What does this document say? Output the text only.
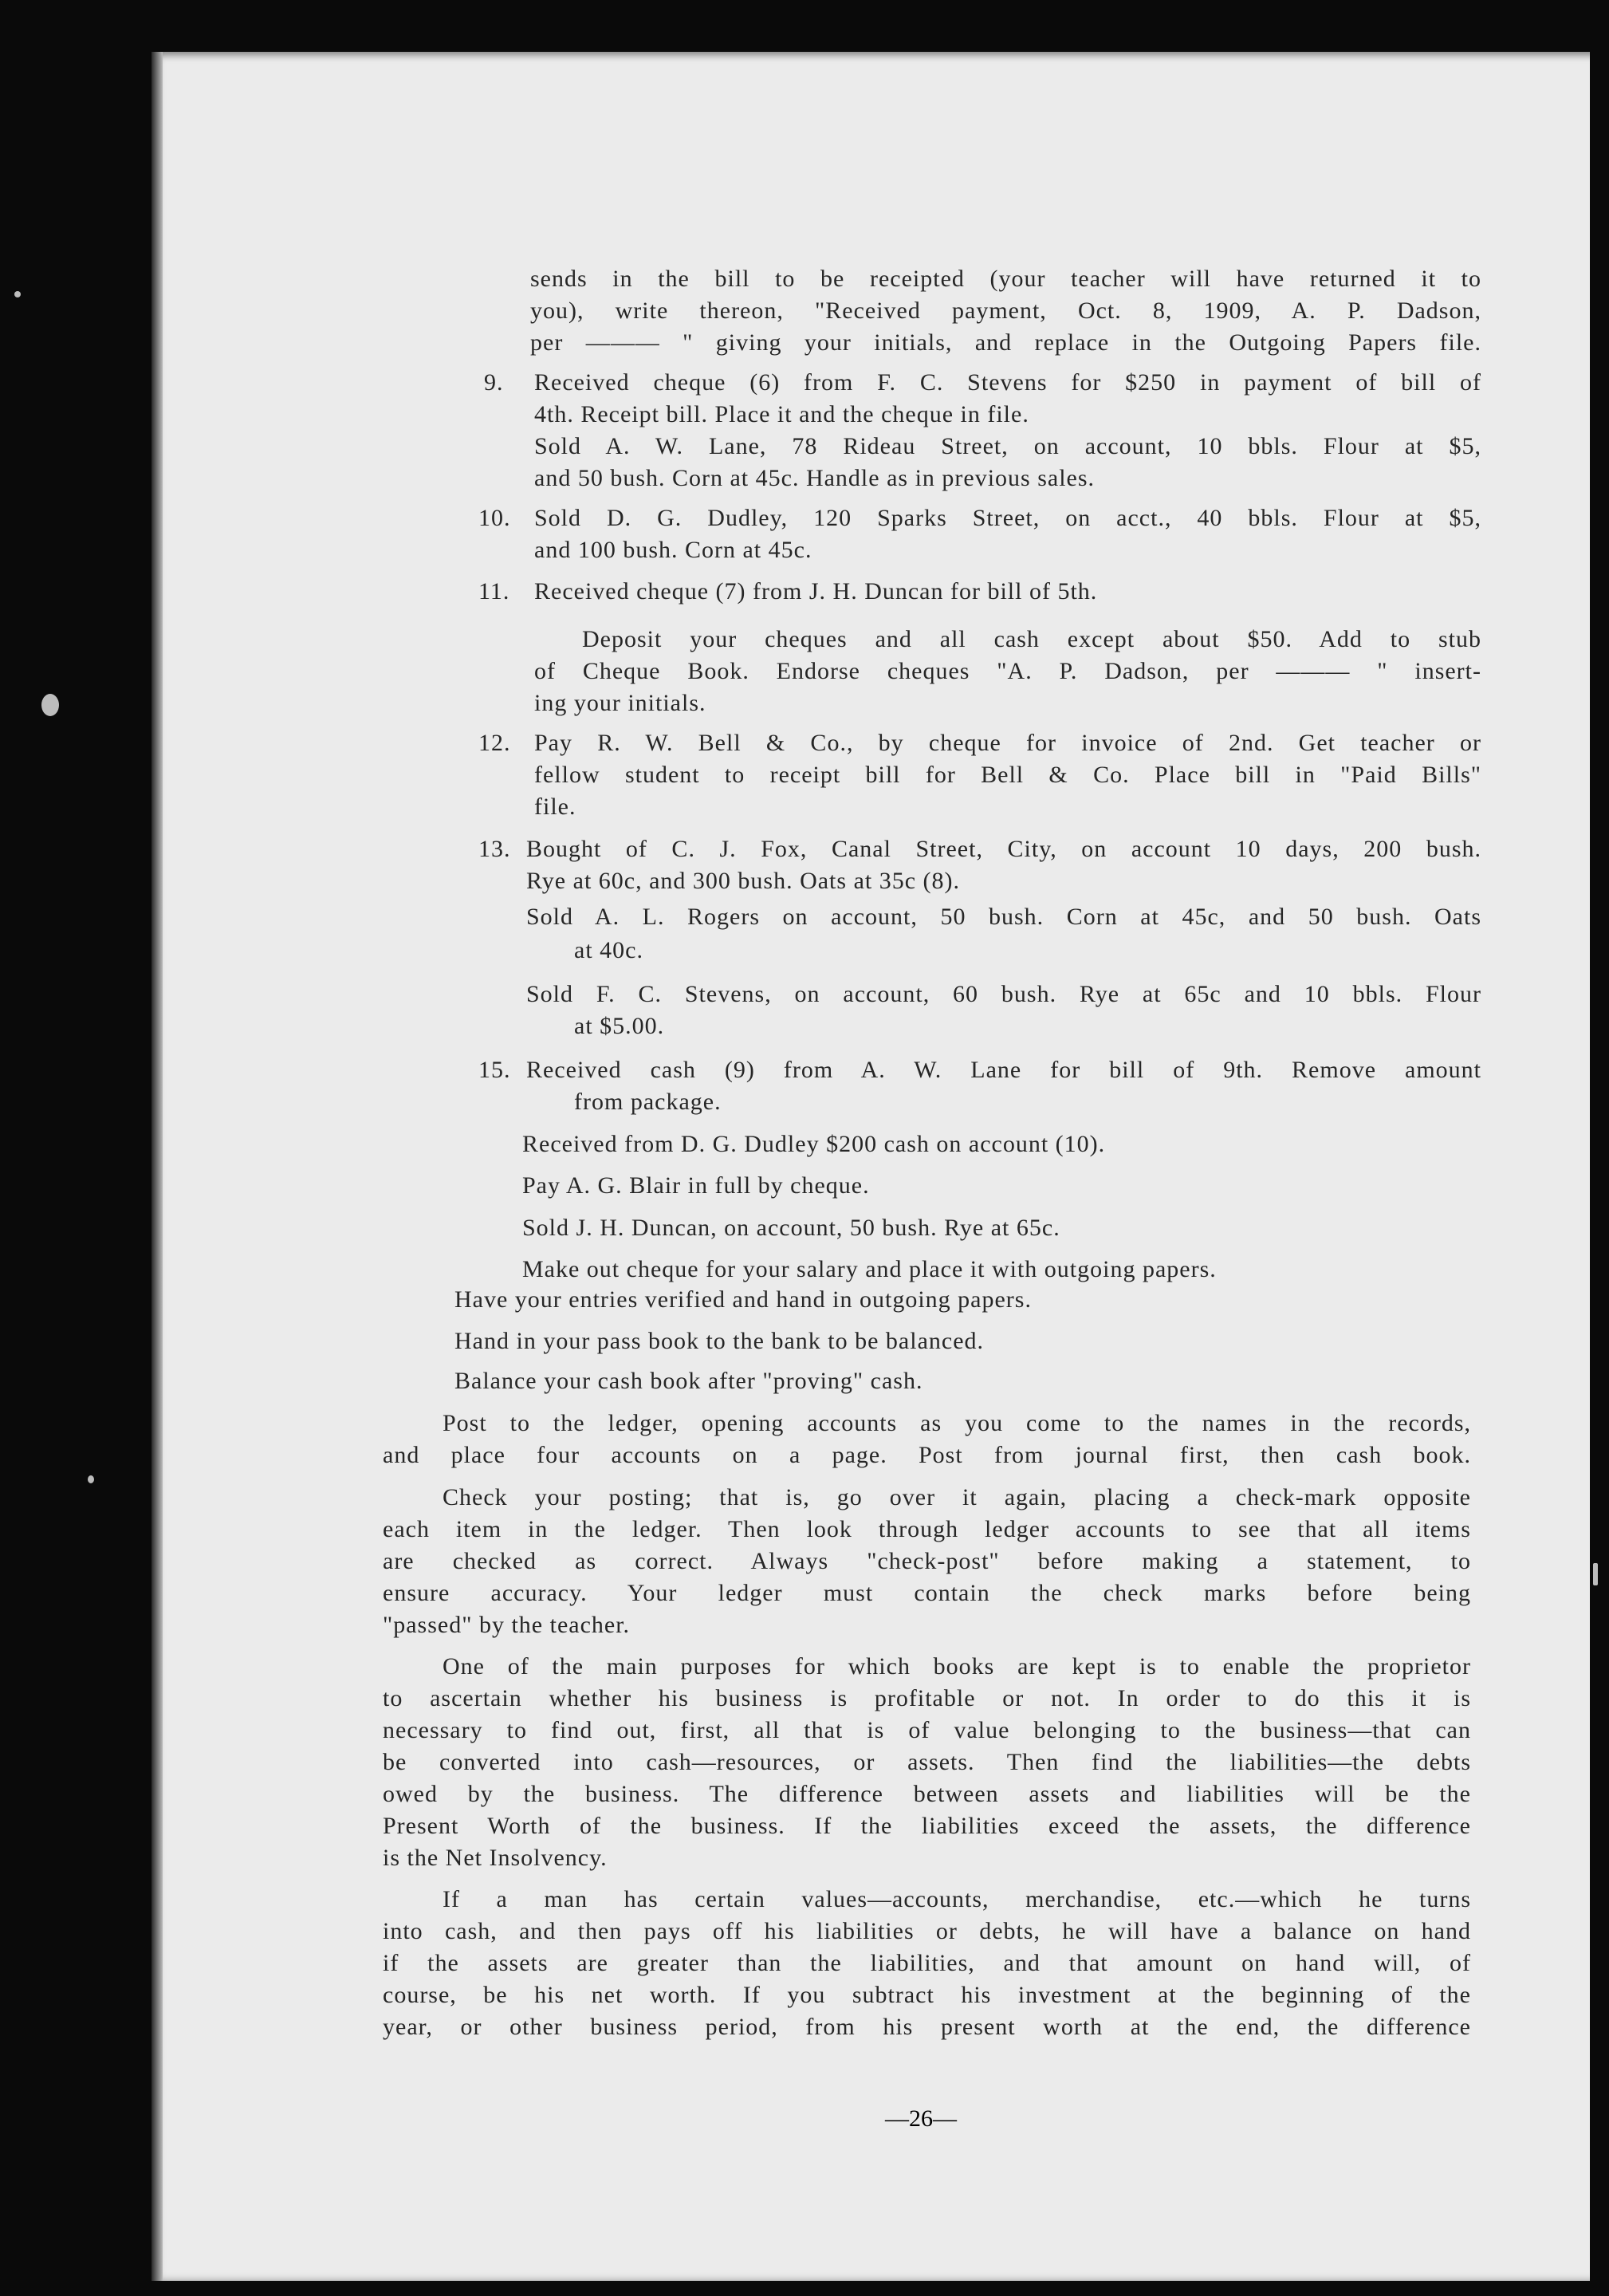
9.
10.
11.
12.
13.
15.
sends in the bill to be receipted (your teacher will have returned it to
you), write thereon, "Received payment, Oct. 8, 1909, A. P. Dadson,
per ——— " giving your initials, and replace in the Outgoing Papers file.
Received cheque (6) from F. C. Stevens for $250 in payment of bill of
4th. Receipt bill. Place it and the cheque in file.
Sold A. W. Lane, 78 Rideau Street, on account, 10 bbls. Flour at $5,
and 50 bush. Corn at 45c. Handle as in previous sales.
Sold D. G. Dudley, 120 Sparks Street, on acct., 40 bbls. Flour at $5,
and 100 bush. Corn at 45c.
Received cheque (7) from J. H. Duncan for bill of 5th.
Deposit your cheques and all cash except about $50. Add to stub
of Cheque Book. Endorse cheques "A. P. Dadson, per ——— " insert-
ing your initials.
Pay R. W. Bell & Co., by cheque for invoice of 2nd. Get teacher or
fellow student to receipt bill for Bell & Co. Place bill in "Paid Bills"
file.
Bought of C. J. Fox, Canal Street, City, on account 10 days, 200 bush.
Rye at 60c, and 300 bush. Oats at 35c (8).
Sold A. L. Rogers on account, 50 bush. Corn at 45c, and 50 bush. Oats
at 40c.
Sold F. C. Stevens, on account, 60 bush. Rye at 65c and 10 bbls. Flour
at $5.00.
Received cash (9) from A. W. Lane for bill of 9th. Remove amount
from package.
Received from D. G. Dudley $200 cash on account (10).
Pay A. G. Blair in full by cheque.
Sold J. H. Duncan, on account, 50 bush. Rye at 65c.
Make out cheque for your salary and place it with outgoing papers.
Have your entries verified and hand in outgoing papers.
Hand in your pass book to the bank to be balanced.
Balance your cash book after "proving" cash.
Post to the ledger, opening accounts as you come to the names in the records,
and place four accounts on a page. Post from journal first, then cash book.
Check your posting; that is, go over it again, placing a check-mark opposite
each item in the ledger. Then look through ledger accounts to see that all items
are checked as correct. Always "check-post" before making a statement, to
ensure accuracy. Your ledger must contain the check marks before being
"passed" by the teacher.
One of the main purposes for which books are kept is to enable the proprietor
to ascertain whether his business is profitable or not. In order to do this it is
necessary to find out, first, all that is of value belonging to the business—that can
be converted into cash—resources, or assets. Then find the liabilities—the debts
owed by the business. The difference between assets and liabilities will be the
Present Worth of the business. If the liabilities exceed the assets, the difference
is the Net Insolvency.
If a man has certain values—accounts, merchandise, etc.—which he turns
into cash, and then pays off his liabilities or debts, he will have a balance on hand
if the assets are greater than the liabilities, and that amount on hand will, of
course, be his net worth. If you subtract his investment at the beginning of the
year, or other business period, from his present worth at the end, the difference
—26—
